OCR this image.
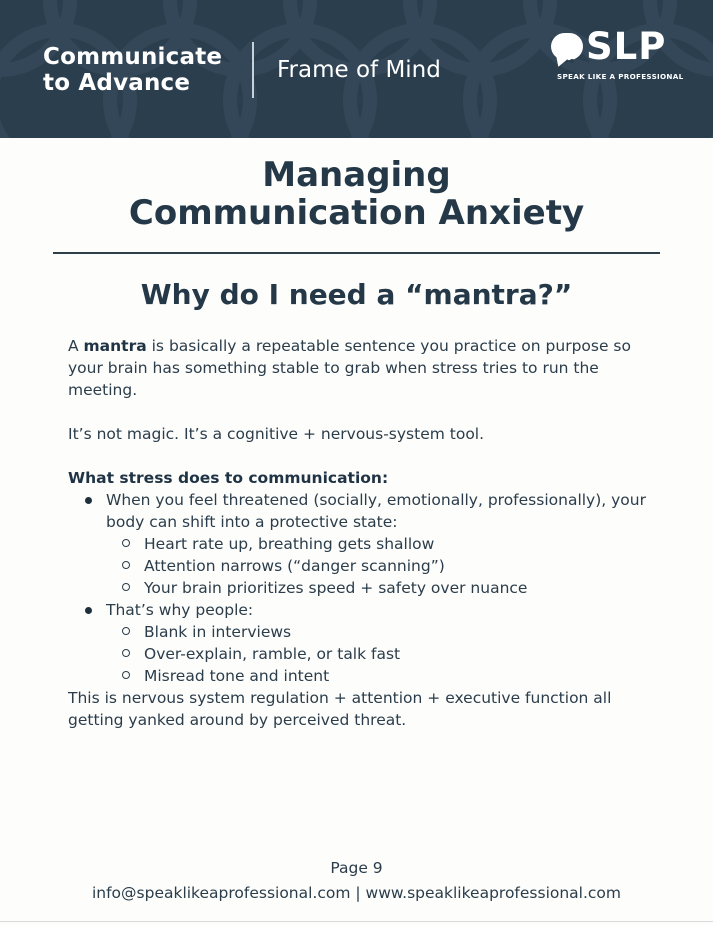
Communicate
to Advance	Frame of Mind
SLP
SPEAK LIKE A PROFESSIONAL
Managing
Communication Anxiety
Why do I need a “mantra?”

A mantra is basically a repeatable sentence you practice on purpose so your brain has something stable to grab when stress tries to run the meeting.

It’s not magic. It’s a cognitive + nervous-system tool.

What stress does to communication:

When you feel threatened (socially, emotionally, professionally), your body can shift into a protective state:
Heart rate up, breathing gets shallow
Attention narrows (“danger scanning”)
Your brain prioritizes speed + safety over nuance
That’s why people:
Blank in interviews
Over-explain, ramble, or talk fast
Misread tone and intent

This is nervous system regulation + attention + executive function all getting yanked around by perceived threat.

Page 9
info@speaklikeaprofessional.com | www.speaklikeaprofessional.com
